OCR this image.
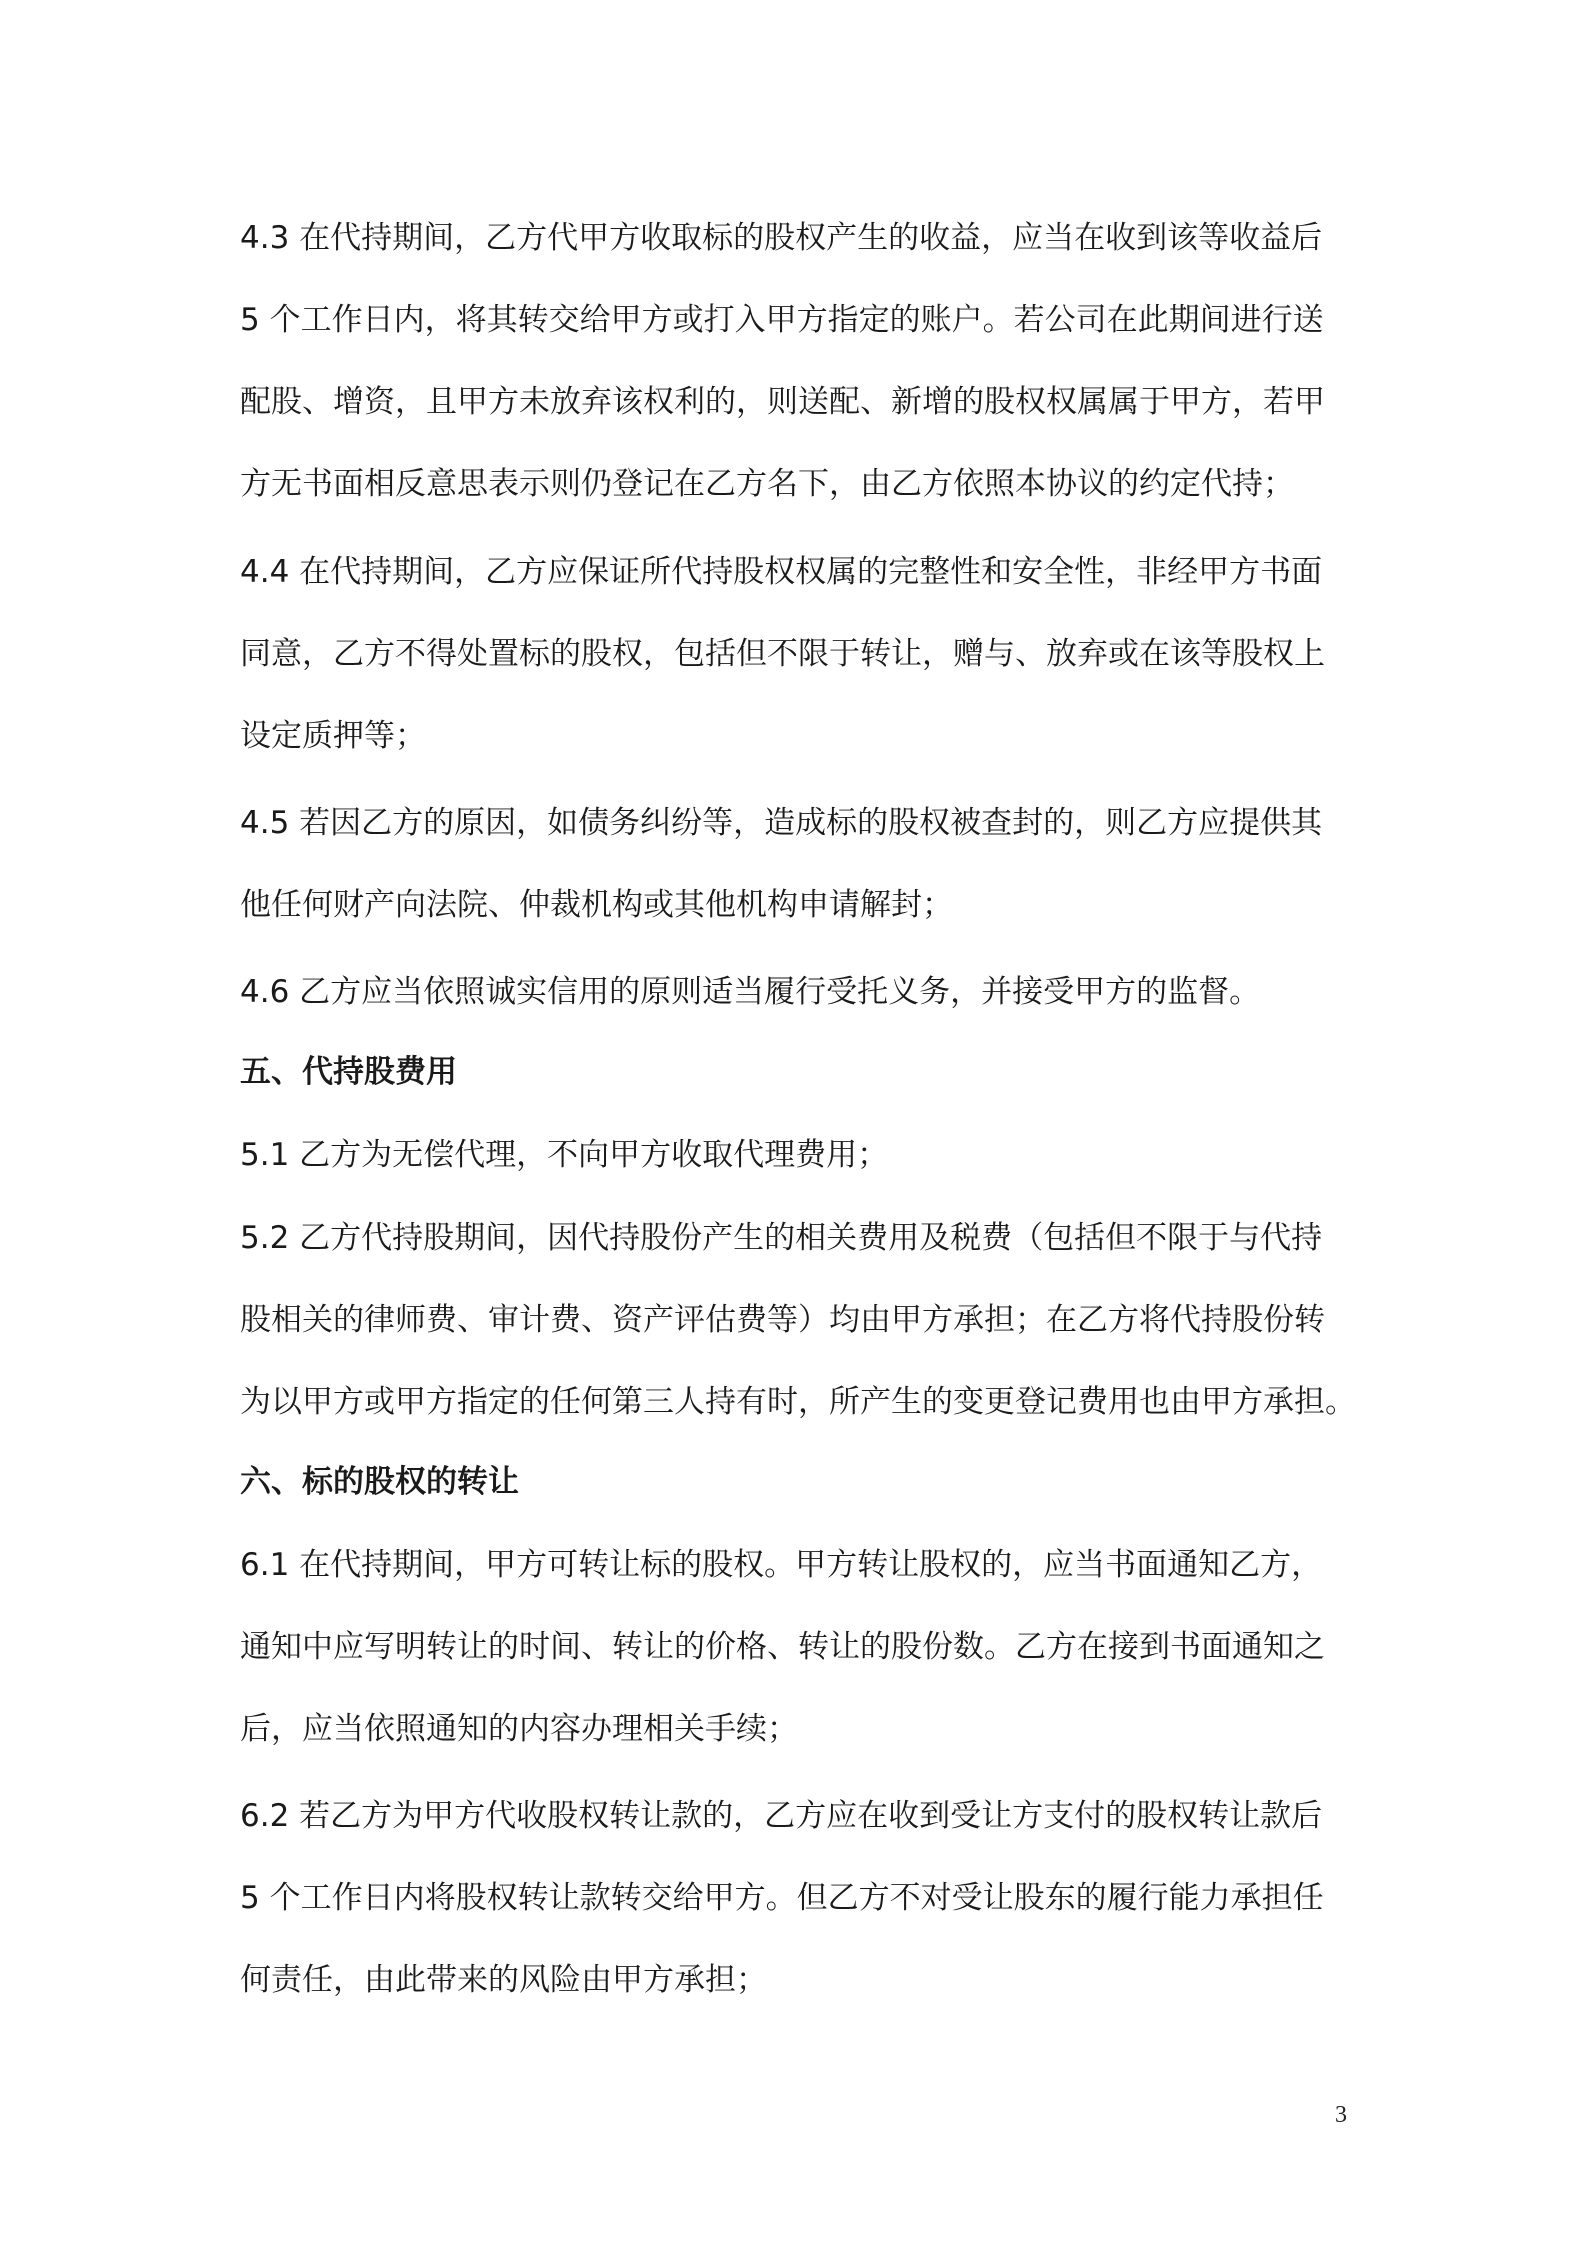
4.3 在代持期间，乙方代甲方收取标的股权产生的收益，应当在收到该等收益后
5 个工作日内，将其转交给甲方或打入甲方指定的账户。若公司在此期间进行送
配股、增资，且甲方未放弃该权利的，则送配、新增的股权权属属于甲方，若甲
方无书面相反意思表示则仍登记在乙方名下，由乙方依照本协议的约定代持；
4.4 在代持期间，乙方应保证所代持股权权属的完整性和安全性，非经甲方书面
同意，乙方不得处置标的股权，包括但不限于转让，赠与、放弃或在该等股权上
设定质押等；
4.5 若因乙方的原因，如债务纠纷等，造成标的股权被查封的，则乙方应提供其
他任何财产向法院、仲裁机构或其他机构申请解封；
4.6 乙方应当依照诚实信用的原则适当履行受托义务，并接受甲方的监督。
五、代持股费用
5.1 乙方为无偿代理，不向甲方收取代理费用；
5.2 乙方代持股期间，因代持股份产生的相关费用及税费（包括但不限于与代持
股相关的律师费、审计费、资产评估费等）均由甲方承担；在乙方将代持股份转
为以甲方或甲方指定的任何第三人持有时，所产生的变更登记费用也由甲方承担。
六、标的股权的转让
6.1 在代持期间，甲方可转让标的股权。甲方转让股权的，应当书面通知乙方，
通知中应写明转让的时间、转让的价格、转让的股份数。乙方在接到书面通知之
后，应当依照通知的内容办理相关手续；
6.2 若乙方为甲方代收股权转让款的，乙方应在收到受让方支付的股权转让款后
5 个工作日内将股权转让款转交给甲方。但乙方不对受让股东的履行能力承担任
何责任，由此带来的风险由甲方承担；
3
